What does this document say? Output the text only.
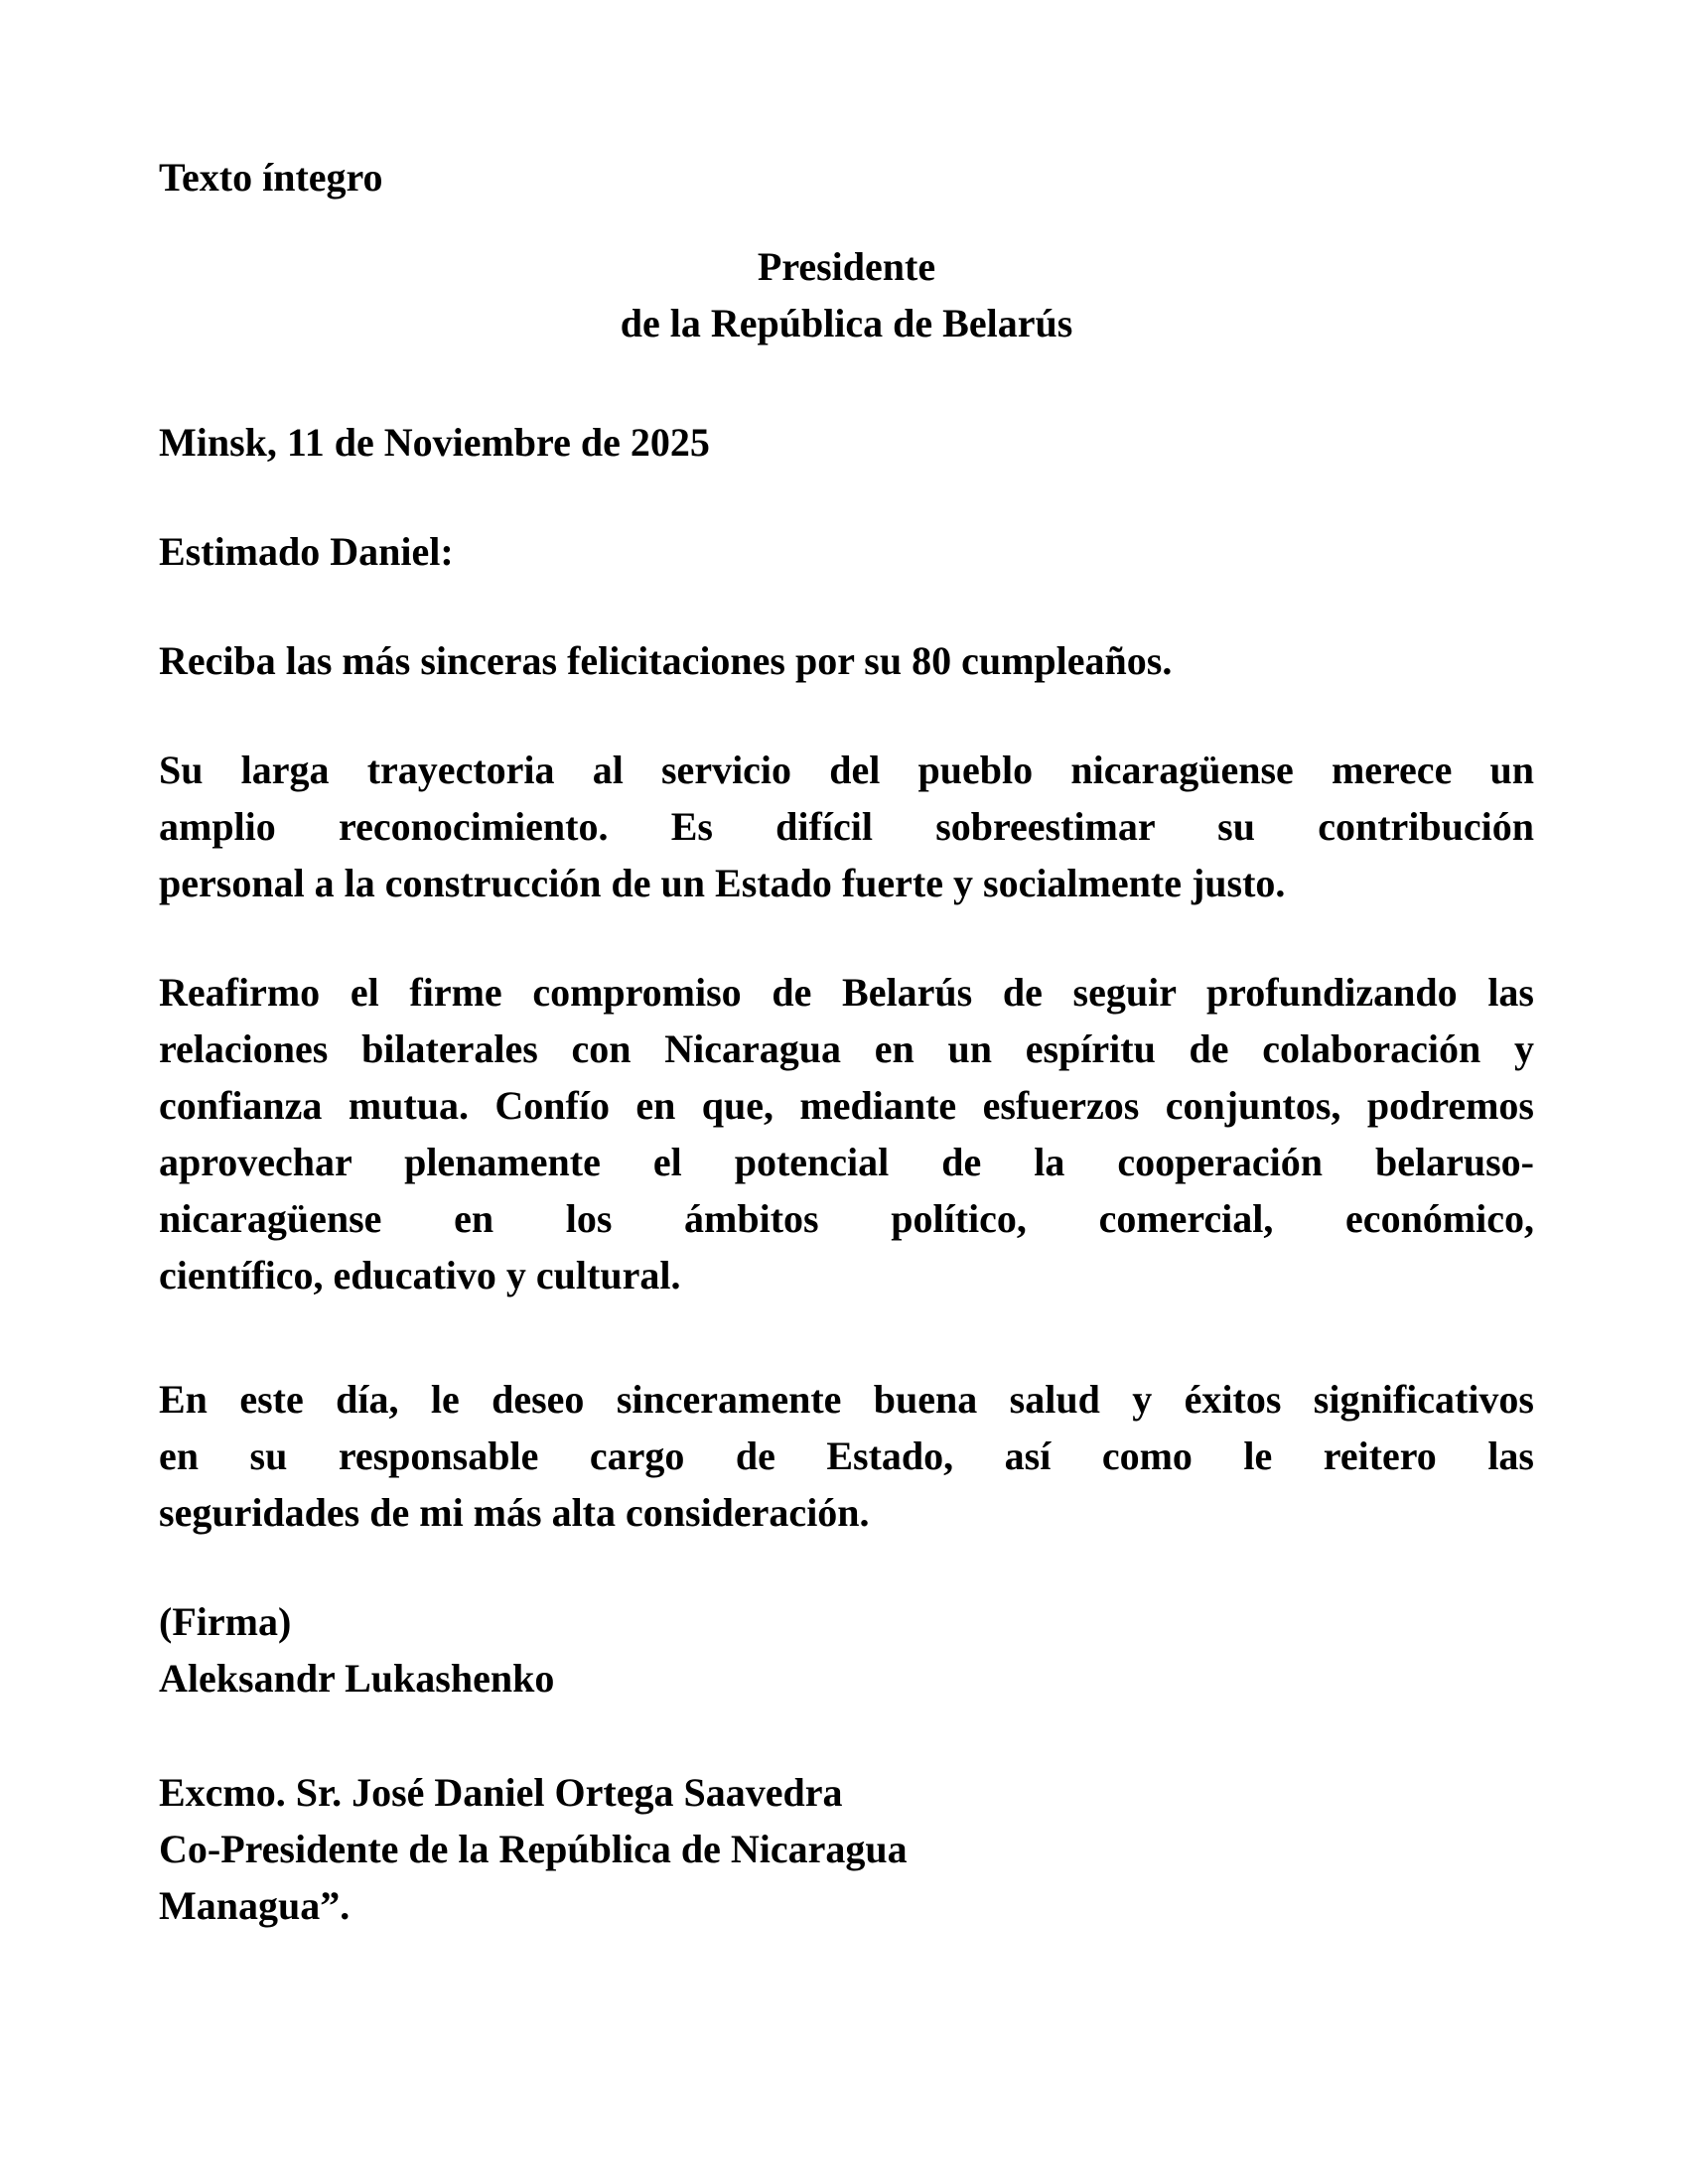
Texto íntegro
Presidente
de la República de Belarús
Minsk, 11 de Noviembre de 2025
Estimado Daniel:
Reciba las más sinceras felicitaciones por su 80 cumpleaños.
Su larga trayectoria al servicio del pueblo nicaragüense merece un
amplio reconocimiento. Es difícil sobreestimar su contribución
personal a la construcción de un Estado fuerte y socialmente justo.
Reafirmo el firme compromiso de Belarús de seguir profundizando las
relaciones bilaterales con Nicaragua en un espíritu de colaboración y
confianza mutua. Confío en que, mediante esfuerzos conjuntos, podremos
aprovechar plenamente el potencial de la cooperación belaruso-
nicaragüense en los ámbitos político, comercial, económico,
científico, educativo y cultural.
En este día, le deseo sinceramente buena salud y éxitos significativos
en su responsable cargo de Estado, así como le reitero las
seguridades de mi más alta consideración.
(Firma)
Aleksandr Lukashenko
Excmo. Sr. José Daniel Ortega Saavedra
Co-Presidente de la República de Nicaragua
Managua”.
